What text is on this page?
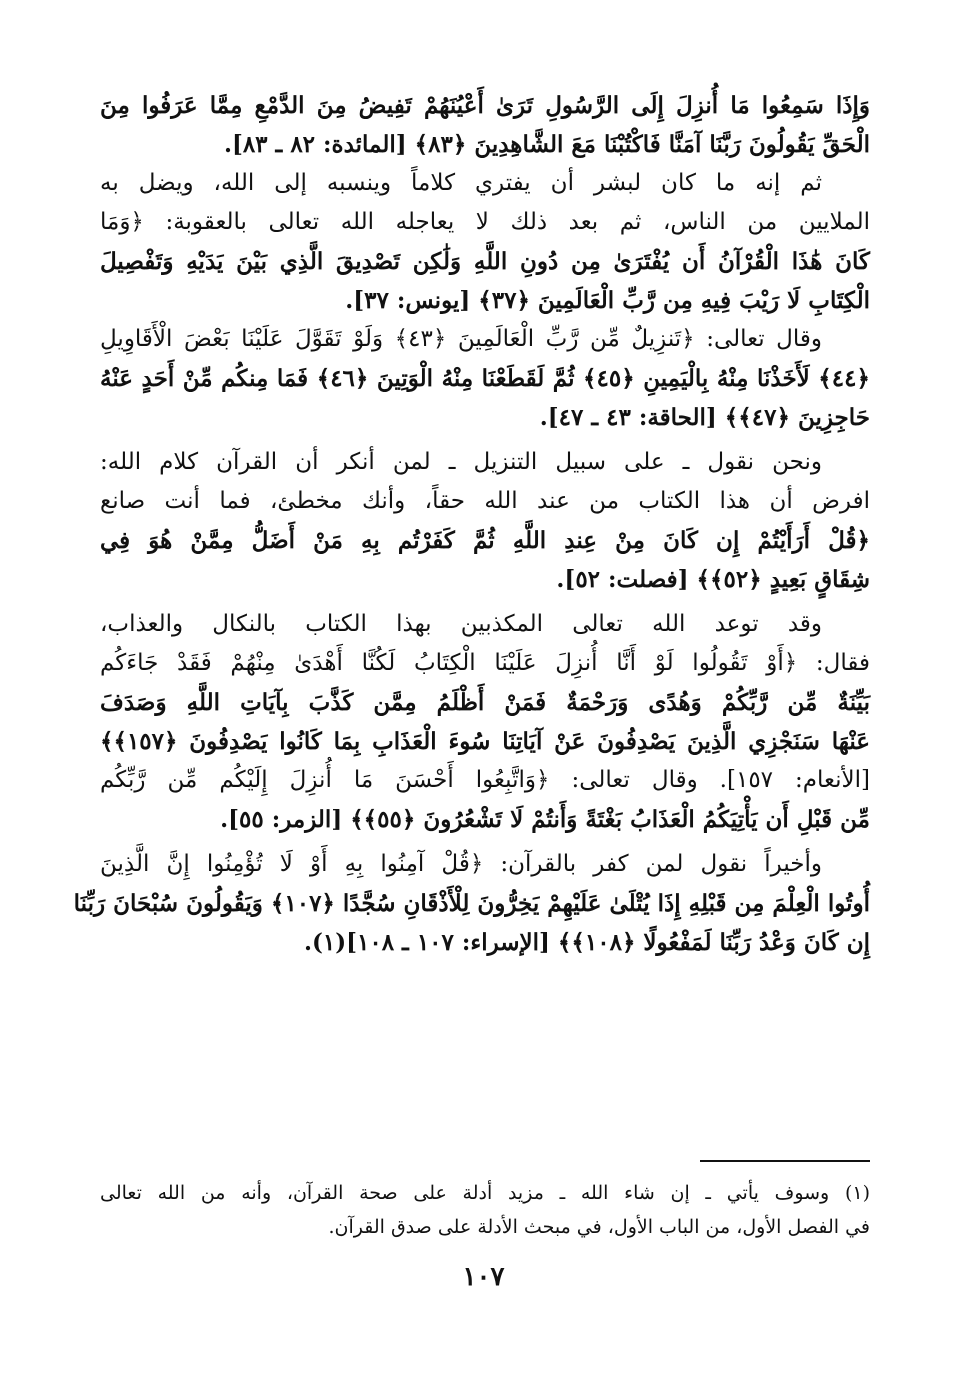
وَإِذَا سَمِعُوا مَا أُنزِلَ إِلَى الرَّسُولِ تَرَىٰ أَعْيُنَهُمْ تَفِيضُ مِنَ الدَّمْعِ مِمَّا عَرَفُوا مِنَ
الْحَقِّ يَقُولُونَ رَبَّنَا آمَنَّا فَاكْتُبْنَا مَعَ الشَّاهِدِينَ ﴿٨٣﴾ [المائدة: ٨٢ ـ ٨٣].
ثم إنه ما كان لبشر أن يفتري كلاماً وينسبه إلى الله، ويضل به
الملايين من الناس، ثم بعد ذلك لا يعاجله الله تعالى بالعقوبة: ﴿وَمَا
كَانَ هَٰذَا الْقُرْآنُ أَن يُفْتَرَىٰ مِن دُونِ اللَّهِ وَلَٰكِن تَصْدِيقَ الَّذِي بَيْنَ يَدَيْهِ وَتَفْصِيلَ
الْكِتَابِ لَا رَيْبَ فِيهِ مِن رَّبِّ الْعَالَمِينَ ﴿٣٧﴾ [يونس: ٣٧].
وقال تعالى: ﴿تَنزِيلٌ مِّن رَّبِّ الْعَالَمِينَ ﴿٤٣﴾ وَلَوْ تَقَوَّلَ عَلَيْنَا بَعْضَ الْأَقَاوِيلِ
﴿٤٤﴾ لَأَخَذْنَا مِنْهُ بِالْيَمِينِ ﴿٤٥﴾ ثُمَّ لَقَطَعْنَا مِنْهُ الْوَتِينَ ﴿٤٦﴾ فَمَا مِنكُم مِّنْ أَحَدٍ عَنْهُ
حَاجِزِينَ ﴿٤٧﴾﴾ [الحاقة: ٤٣ ـ ٤٧].
ونحن نقول ـ على سبيل التنزيل ـ لمن أنكر أن القرآن كلام الله:
افرض أن هذا الكتاب من عند الله حقاً، وأنك مخطئ، فما أنت صانع
﴿قُلْ أَرَأَيْتُمْ إِن كَانَ مِنْ عِندِ اللَّهِ ثُمَّ كَفَرْتُم بِهِ مَنْ أَضَلُّ مِمَّنْ هُوَ فِي
شِقَاقٍ بَعِيدٍ ﴿٥٢﴾﴾ [فصلت: ٥٢].
وقد توعد الله تعالى المكذبين بهذا الكتاب بالنكال والعذاب،
فقال: ﴿أَوْ تَقُولُوا لَوْ أَنَّا أُنزِلَ عَلَيْنَا الْكِتَابُ لَكُنَّا أَهْدَىٰ مِنْهُمْ فَقَدْ جَاءَكُم
بَيِّنَةٌ مِّن رَّبِّكُمْ وَهُدًى وَرَحْمَةٌ فَمَنْ أَظْلَمُ مِمَّن كَذَّبَ بِآيَاتِ اللَّهِ وَصَدَفَ
عَنْهَا سَنَجْزِي الَّذِينَ يَصْدِفُونَ عَنْ آيَاتِنَا سُوءَ الْعَذَابِ بِمَا كَانُوا يَصْدِفُونَ ﴿١٥٧﴾﴾
[الأنعام: ١٥٧]. وقال تعالى: ﴿وَاتَّبِعُوا أَحْسَنَ مَا أُنزِلَ إِلَيْكُم مِّن رَّبِّكُم
مِّن قَبْلِ أَن يَأْتِيَكُمُ الْعَذَابُ بَغْتَةً وَأَنتُمْ لَا تَشْعُرُونَ ﴿٥٥﴾﴾ [الزمر: ٥٥].
وأخيراً نقول لمن كفر بالقرآن: ﴿قُلْ آمِنُوا بِهِ أَوْ لَا تُؤْمِنُوا إِنَّ الَّذِينَ
أُوتُوا الْعِلْمَ مِن قَبْلِهِ إِذَا يُتْلَىٰ عَلَيْهِمْ يَخِرُّونَ لِلْأَذْقَانِ سُجَّدًا ﴿١٠٧﴾ وَيَقُولُونَ سُبْحَانَ رَبِّنَا
إِن كَانَ وَعْدُ رَبِّنَا لَمَفْعُولًا ﴿١٠٨﴾﴾ [الإسراء: ١٠٧ ـ ١٠٨](١).
(١) وسوف يأتي ـ إن شاء الله ـ مزيد أدلة على صحة القرآن، وأنه من الله تعالى
في الفصل الأول، من الباب الأول، في مبحث الأدلة على صدق القرآن.
١٠٧
